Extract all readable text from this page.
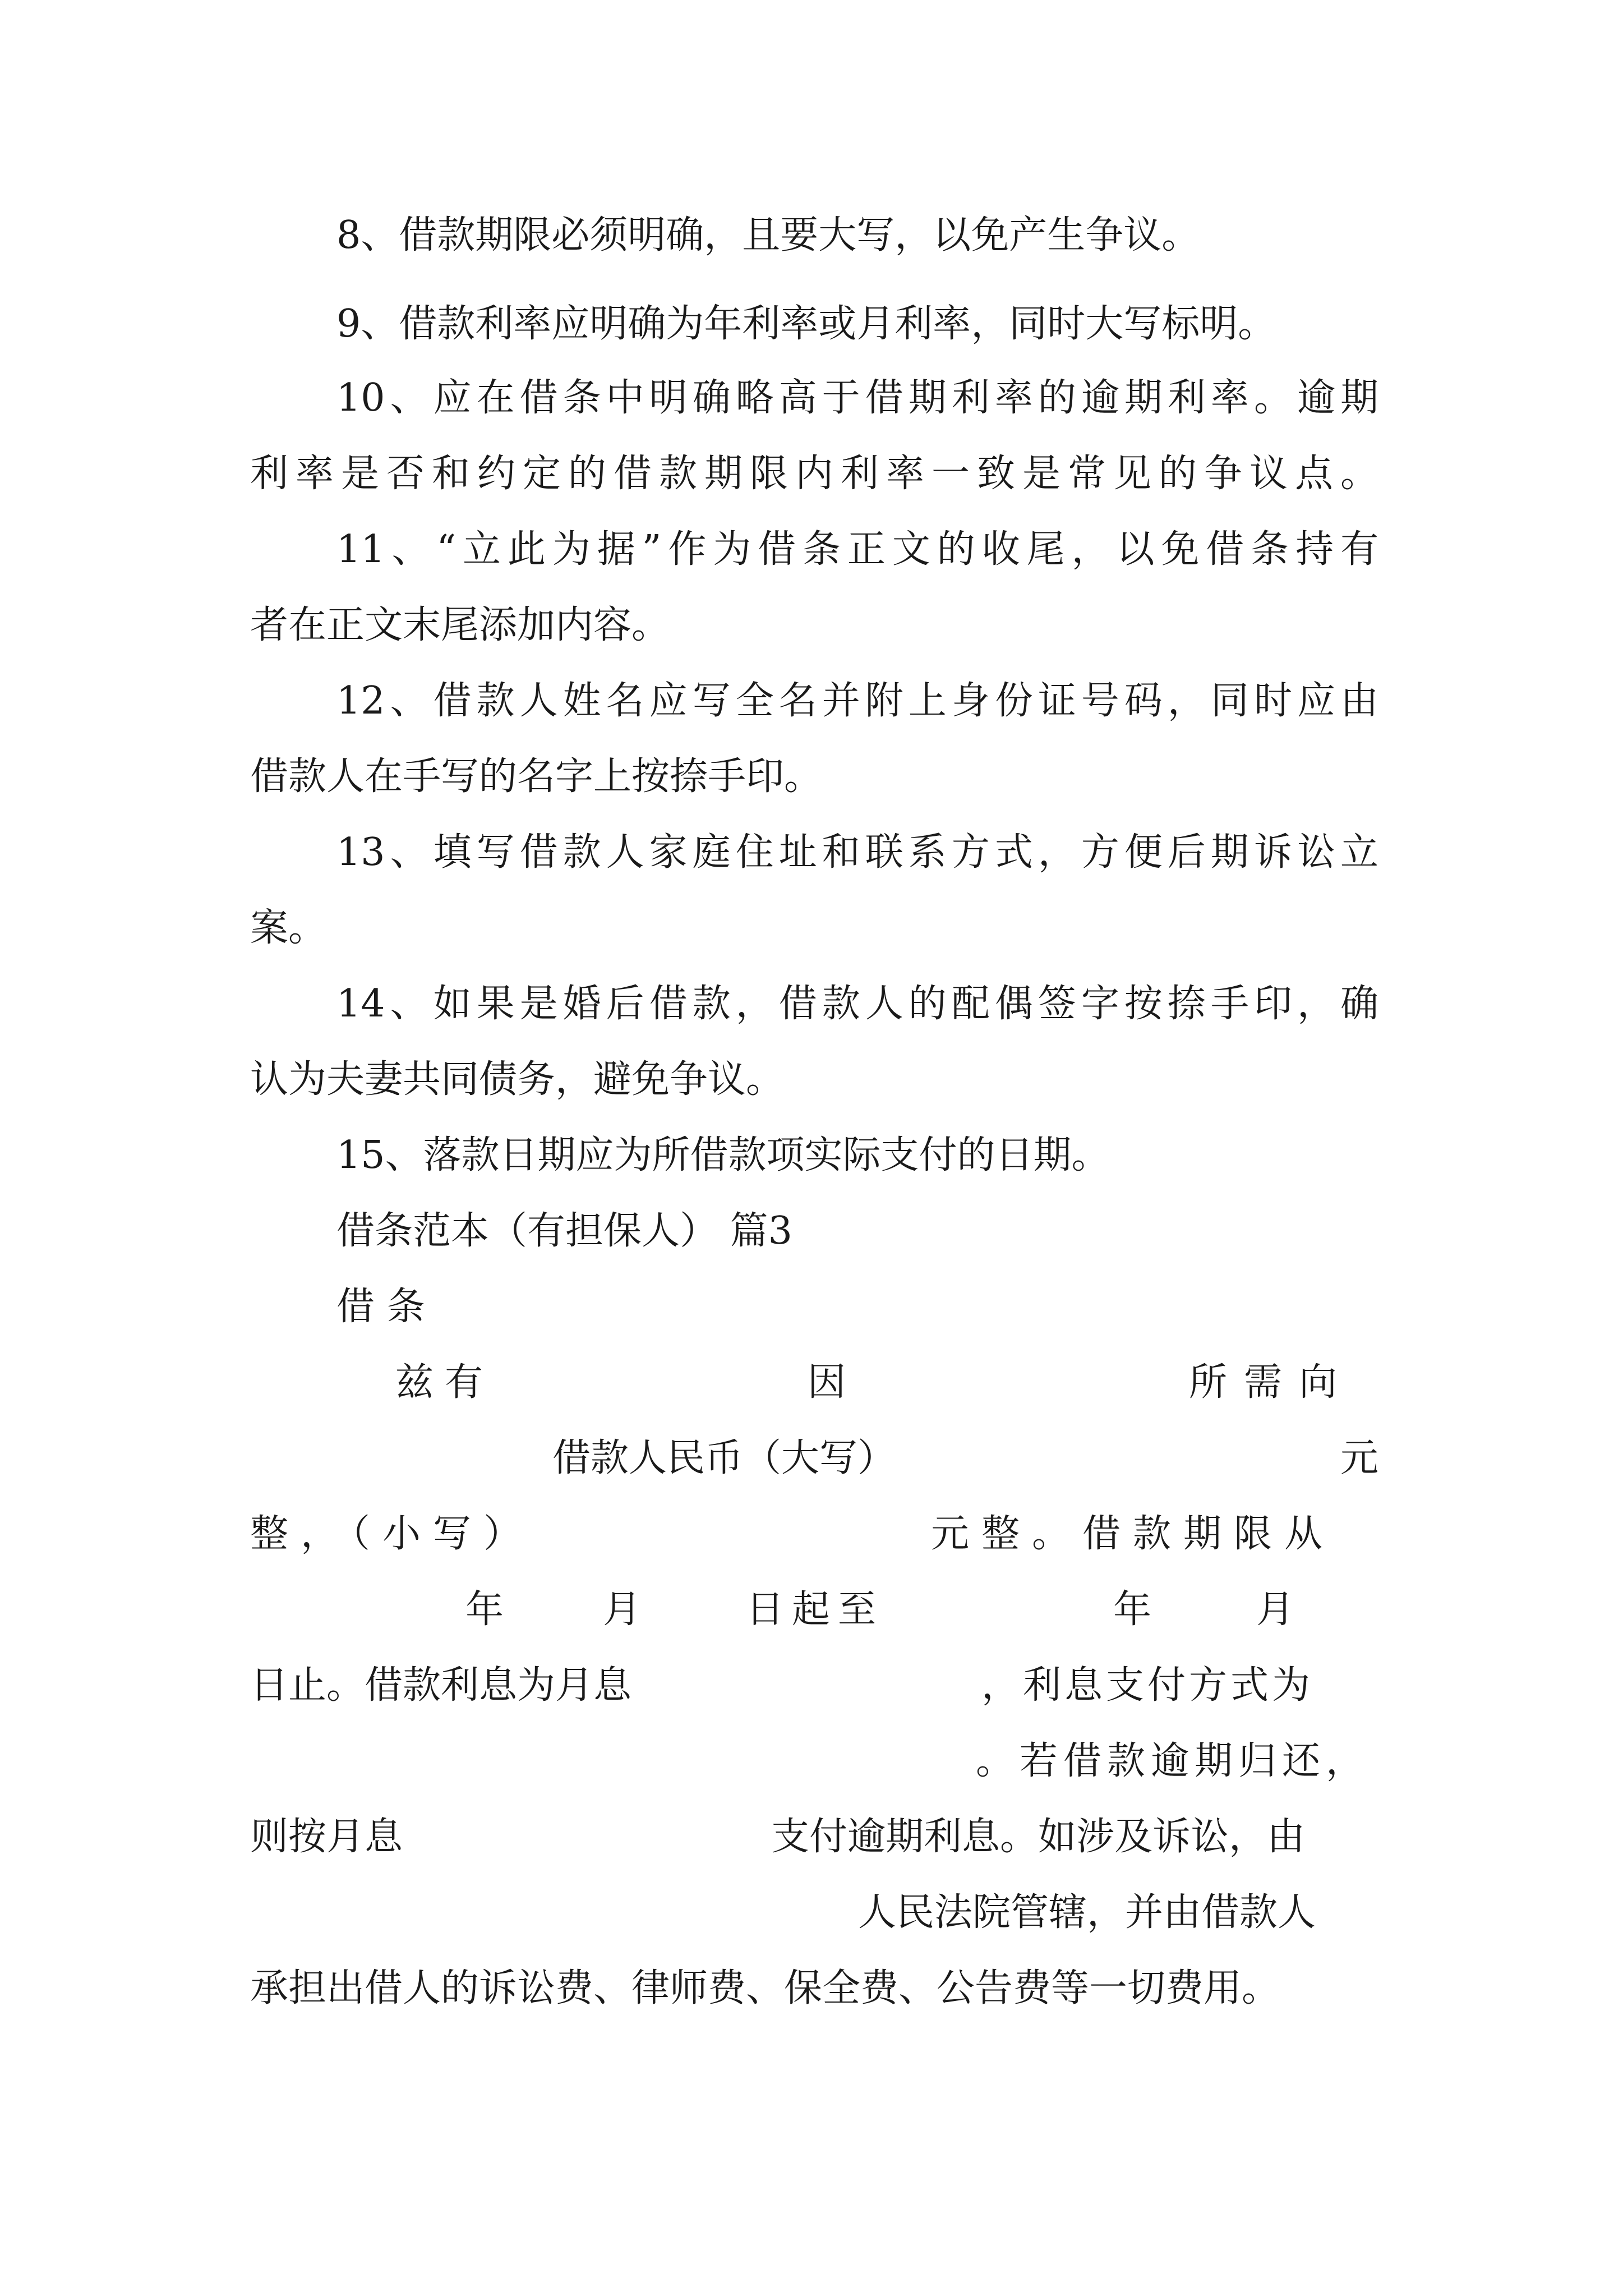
8、借款期限必须明确，且要大写，以免产生争议。
9、借款利率应明确为年利率或月利率，同时大写标明。
10、应在借条中明确略高于借期利率的逾期利率。逾期
利率是否和约定的借款期限内利率一致是常见的争议点。
11、“立此为据”作为借条正文的收尾，以免借条持有
者在正文末尾添加内容。
12、借款人姓名应写全名并附上身份证号码，同时应由
借款人在手写的名字上按捺手印。
13、填写借款人家庭住址和联系方式，方便后期诉讼立
案。
14、如果是婚后借款，借款人的配偶签字按捺手印，确
认为夫妻共同债务，避免争议。
15、落款日期应为所借款项实际支付的日期。
借条范本（有担保人） 篇3
借 条
兹有	因	所需向
借款人民币（大写）	元
整，（小写）	元整。借款期限从
年	月	日起至	年	月
日止。借款利息为月息	，利息支付方式为
。若借款逾期归还，
则按月息	支付逾期利息。如涉及诉讼，由
人民法院管辖，并由借款人
承担出借人的诉讼费、律师费、保全费、公告费等一切费用。
